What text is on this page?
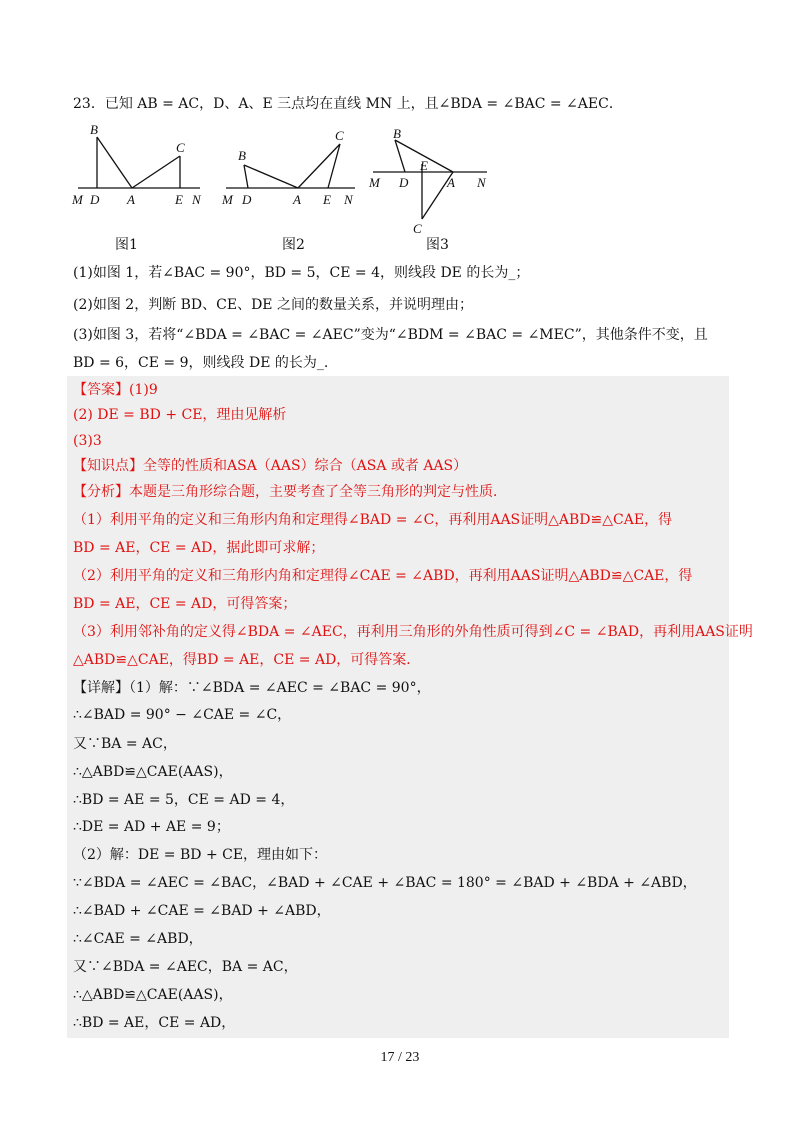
23．已知 AB = AC，D、A、E 三点均在直线 MN 上，且∠BDA = ∠BAC = ∠AEC．
B
C
M D A	E N
图1
C
B
M D	A E N
图2
B
E
M D	A N
C
图3
(1)如图 1，若∠BAC = 90°，BD = 5，CE = 4，则线段 DE 的长为_；
(2)如图 2，判断 BD、CE、DE 之间的数量关系，并说明理由；
(3)如图 3，若将“∠BDA = ∠BAC = ∠AEC”变为“∠BDM = ∠BAC = ∠MEC”，其他条件不变，且
BD = 6，CE = 9，则线段 DE 的长为_.
【答案】(1)9
(2) DE = BD + CE，理由见解析
(3)3
【知识点】全等的性质和ASA（AAS）综合（ASA 或者 AAS）
【分析】本题是三角形综合题，主要考查了全等三角形的判定与性质．
（1）利用平角的定义和三角形内角和定理得∠BAD = ∠C，再利用AAS证明△ABD≌△CAE，得
BD = AE，CE = AD，据此即可求解；
（2）利用平角的定义和三角形内角和定理得∠CAE = ∠ABD，再利用AAS证明△ABD≌△CAE，得
BD = AE，CE = AD，可得答案；
（3）利用邻补角的定义得∠BDA = ∠AEC，再利用三角形的外角性质可得到∠C = ∠BAD，再利用AAS证明
△ABD≌△CAE，得BD = AE，CE = AD，可得答案．
【详解】（1）解：∵∠BDA = ∠AEC = ∠BAC = 90°，
∴∠BAD = 90° − ∠CAE = ∠C，
又∵BA = AC，
∴△ABD≌△CAE(AAS)，
∴BD = AE = 5，CE = AD = 4，
∴DE = AD + AE = 9；
（2）解：DE = BD + CE，理由如下：
∵∠BDA = ∠AEC = ∠BAC，∠BAD + ∠CAE + ∠BAC = 180° = ∠BAD + ∠BDA + ∠ABD，
∴∠BAD + ∠CAE = ∠BAD + ∠ABD，
∴∠CAE = ∠ABD，
又∵∠BDA = ∠AEC，BA = AC，
∴△ABD≌△CAE(AAS)，
∴BD = AE，CE = AD，
17 / 23
